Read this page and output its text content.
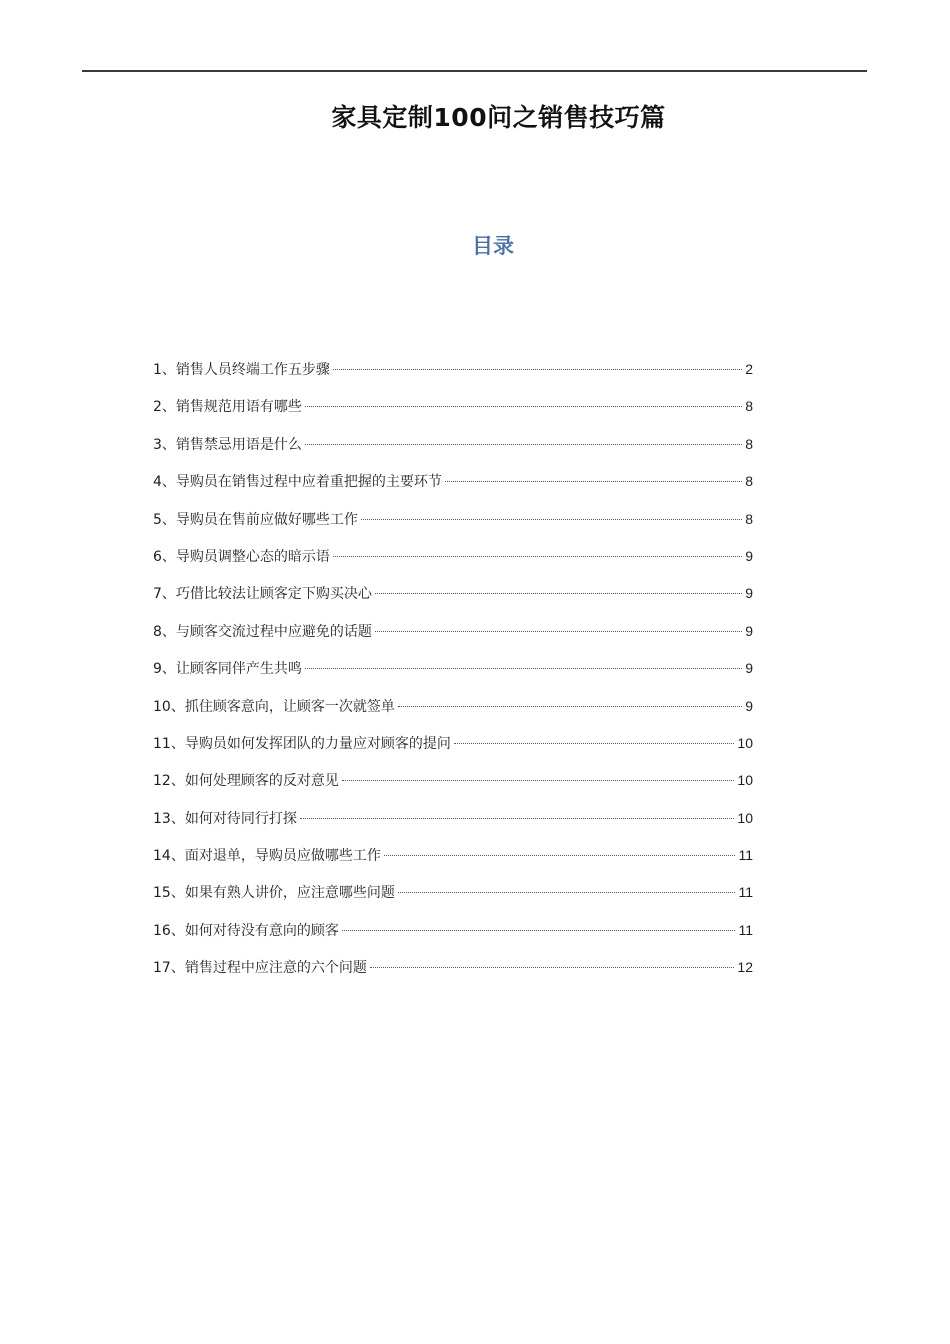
家具定制100问之销售技巧篇
目录
1、销售人员终端工作五步骤	2
2、销售规范用语有哪些	8
3、销售禁忌用语是什么	8
4、导购员在销售过程中应着重把握的主要环节	8
5、导购员在售前应做好哪些工作	8
6、导购员调整心态的暗示语	9
7、巧借比较法让顾客定下购买决心	9
8、与顾客交流过程中应避免的话题	9
9、让顾客同伴产生共鸣	9
10、抓住顾客意向，让顾客一次就签单	9
11、导购员如何发挥团队的力量应对顾客的提问	10
12、如何处理顾客的反对意见	10
13、如何对待同行打探	10
14、面对退单，导购员应做哪些工作	11
15、如果有熟人讲价，应注意哪些问题	11
16、如何对待没有意向的顾客	11
17、销售过程中应注意的六个问题	12
